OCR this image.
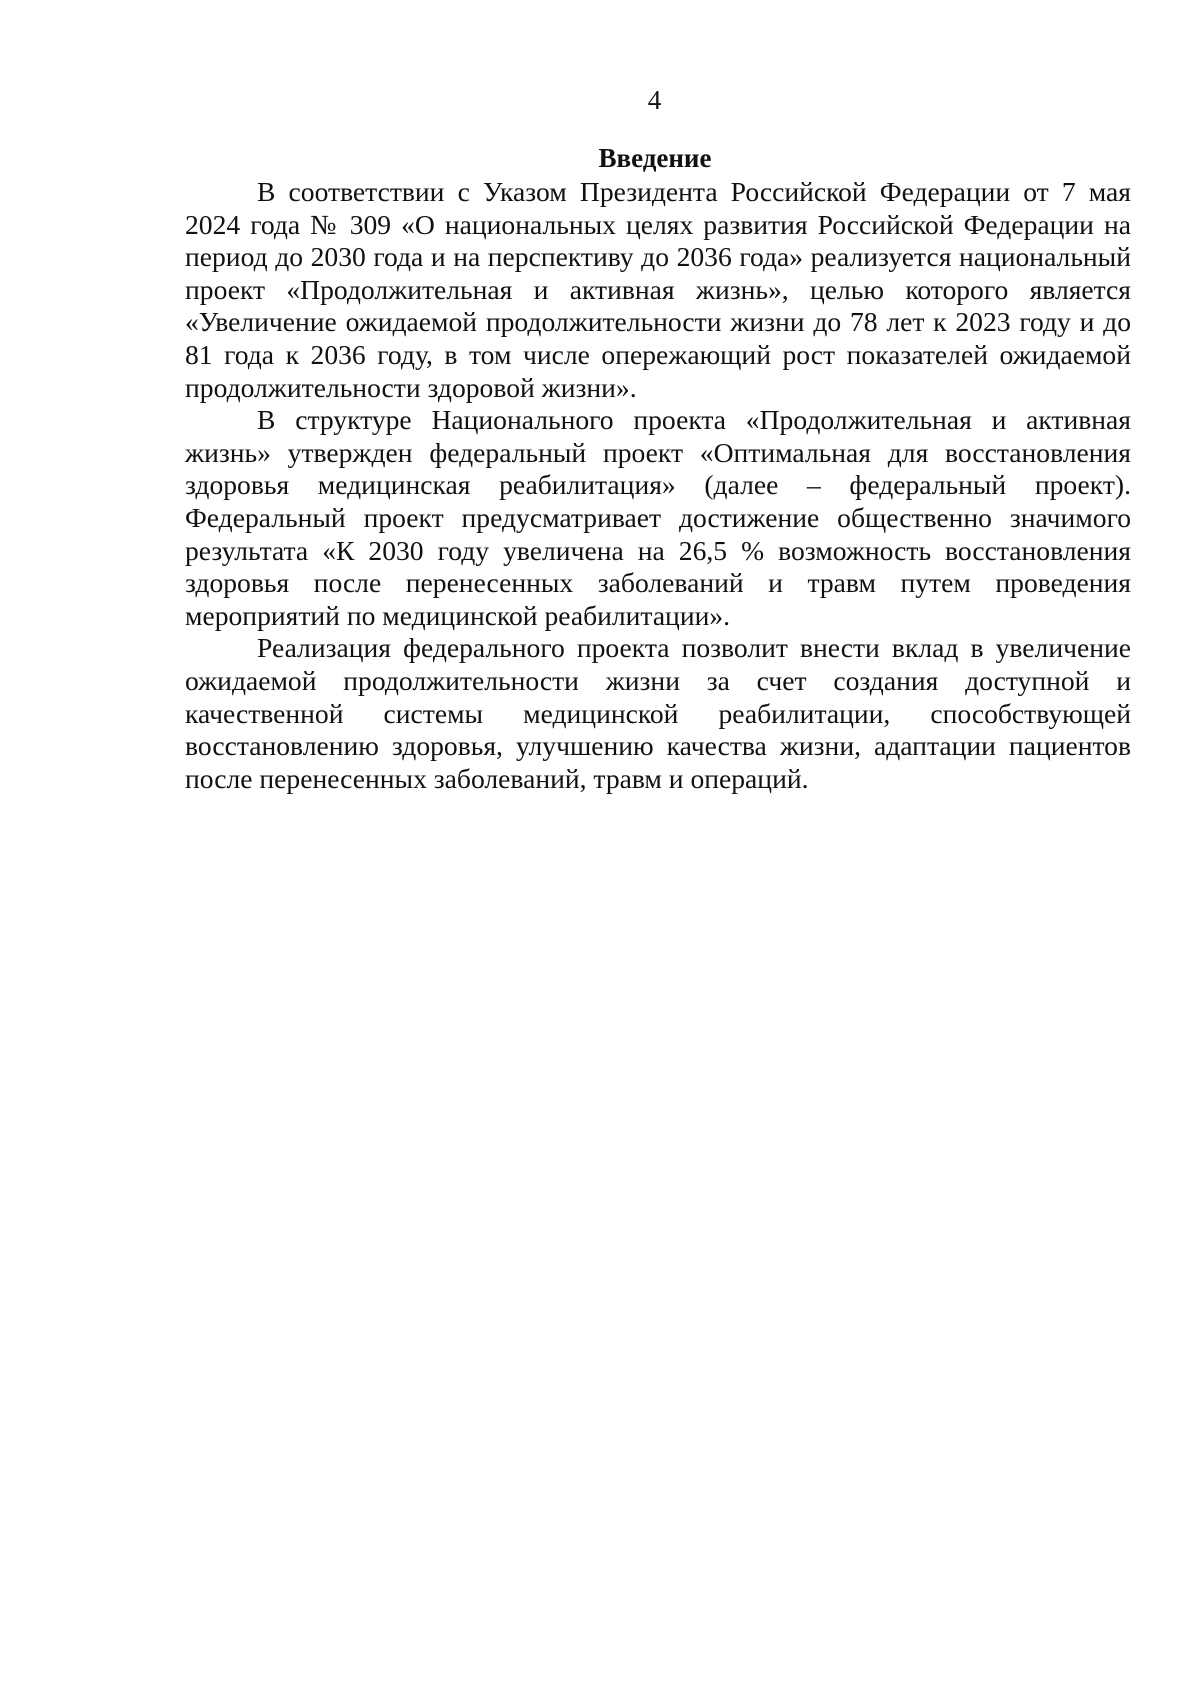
4
Введение

В соответствии с Указом Президента Российской Федерации от 7 мая 2024 года № 309 «О национальных целях развития Российской Федерации на период до 2030 года и на перспективу до 2036 года» реализуется национальный проект «Продолжительная и активная жизнь», целью которого является «Увеличение ожидаемой продолжительности жизни до 78 лет к 2023 году и до 81 года к 2036 году, в том числе опережающий рост показателей ожидаемой продолжительности здоровой жизни».

В структуре Национального проекта «Продолжительная и активная жизнь» утвержден федеральный проект «Оптимальная для восстановления здоровья медицинская реабилитация» (далее – федеральный проект). Федеральный проект предусматривает достижение общественно значимого результата «К 2030 году увеличена на 26,5 % возможность восстановления здоровья после перенесенных заболеваний и травм путем проведения мероприятий по медицинской реабилитации».

Реализация федерального проекта позволит внести вклад в увеличение ожидаемой продолжительности жизни за счет создания доступной и качественной системы медицинской реабилитации, способствующей восстановлению здоровья, улучшению качества жизни, адаптации пациентов после перенесенных заболеваний, травм и операций.
